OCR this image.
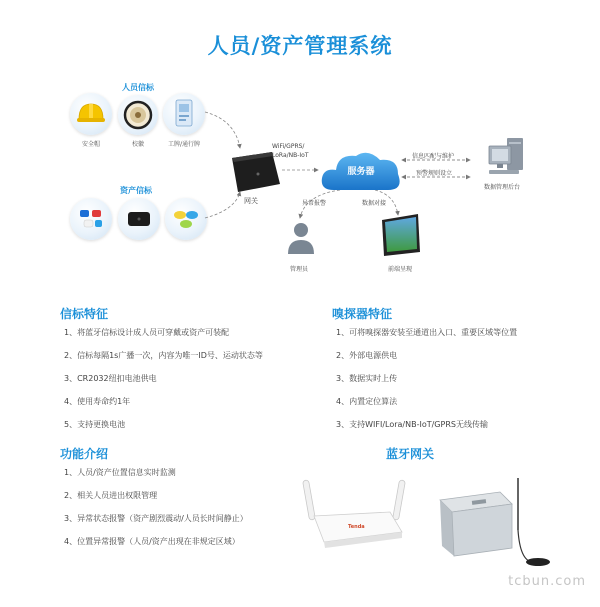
人员/资产管理系统
人员信标
安全帽	校徽	工牌/通行牌
资产信标
网关
WiFi/GPRS/
LoRa/NB-IoT
服务器
信息匹配与维护
预警规则设立
数据管理后台
异常报警	数据对接
管理员	前端呈现
信标特征
1、将蓝牙信标设计成人员可穿戴或资产可装配
2、信标每隔1s广播一次，内容为唯一ID号、运动状态等
3、CR2032纽扣电池供电
4、使用寿命约1年
5、支持更换电池
嗅探器特征
1、可将嗅探器安装至通道出入口、重要区域等位置
2、外部电源供电
3、数据实时上传
4、内置定位算法
3、支持WIFI/Lora/NB-IoT/GPRS无线传输
功能介绍
1、人员/资产位置信息实时监测
2、相关人员进出权限管理
3、异常状态报警（资产剧烈震动/人员长时间静止）
4、位置异常报警（人员/资产出现在非规定区域）
蓝牙网关
Tenda
tcbun.com
